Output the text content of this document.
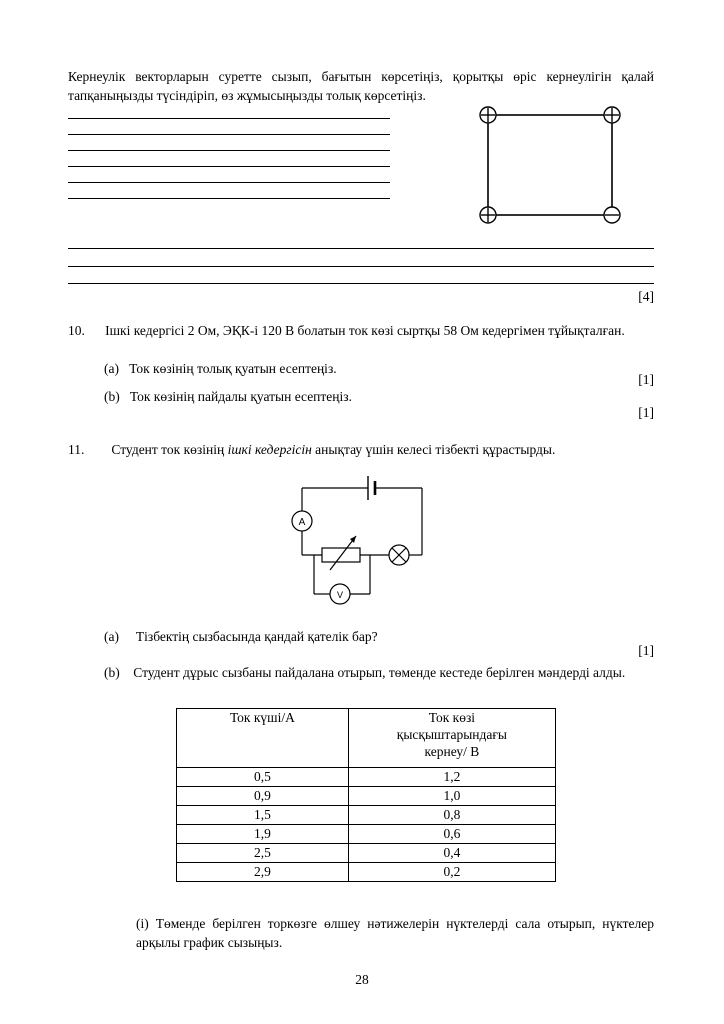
Кернеулік векторларын суретте сызып, бағытын көрсетіңіз, қорытқы өріс кернеулігін қалай тапқаныңызды түсіндіріп, өз жұмысыңызды толық көрсетіңіз.
[4]
10. Ішкі кедергісі 2 Ом, ЭҚК-і 120 В болатын ток көзі сыртқы 58 Ом кедергімен тұйықталған.
(a) Ток көзінің толық қуатын есептеңіз.
[1]
(b) Ток көзінің пайдалы қуатын есептеңіз.
[1]
11. Студент ток көзінің ішкі кедергісін анықтау үшін келесі тізбекті құрастырды.
A
V
(a) Тізбектің сызбасында қандай қателік бар?
[1]
(b) Студент дұрыс сызбаны пайдалана отырып, төменде кестеде берілген мәндерді алды.
Ток күші/А	Ток көзі қысқыштарындағы кернеу/ В
0,5	1,2
0,9	1,0
1,5	0,8
1,9	0,6
2,5	0,4
2,9	0,2
(i) Төменде берілген торкөзге өлшеу нәтижелерін нүктелерді сала отырып, нүктелер арқылы график сызыңыз.
28
